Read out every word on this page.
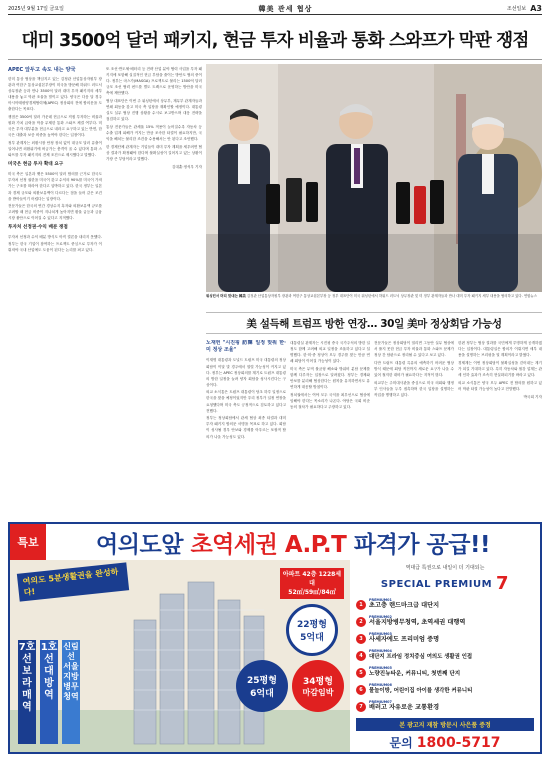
2025년 9월 17일 금요일	韓美 관세 협상	조선일보 A3
대미 3500억 달러 패키지, 현금 투자 비율과 통화 스와프가 막판 쟁점
APEC 앞두고 속도 내는 양국

한미 통상 협상을 책임지고 있는 김정관 산업통상자원부 장관과 여한구 통상교섭본부장이 미국을 방문해 하워드 러트닉 상무장관 등과 만나 3500억 달러 대미 투자 패키지의 세부 내용을 놓고 막판 조율을 벌이고 있다. 양국은 다음 달 경주 아시아태평양경제협력체(APEC) 정상회의 전에 합의문을 도출한다는 목표다.

쟁점은 3500억 달러 가운데 현금으로 직접 투자하는 비율과 원화 가치 급락을 막을 무제한 통화 스와프 체결 여부다. 미국은 투자 대부분을 현금으로 내라고 요구하고 있는 반면, 한국은 대출과 보증 비중을 높여야 한다는 입장이다.

정부 관계자는 외환시장 안정 장치 없이 대규모 달러 유출이 일어나면 외환위기에 버금가는 충격이 올 수 있다며 통화 스와프를 투자 패키지의 전제 조건으로 제시했다고 말했다.

미국은 현금 투자 확대 요구

미국 측은 일본과 맺은 5500억 달러 합의를 근거로 한국도 투자처 선정 권한을 미국이 갖고 수익의 90%를 미국이 가져가는 구조를 따라야 한다고 압박하고 있다. 한국 정부는 일본과 경제 규모와 외환보유액이 다르다는 점을 들어 같은 조건을 받아들이기 어렵다는 입장이다.

전문가들은 한국의 연간 경상수지 흑자와 외환보유액 규모를 고려할 때 현금 비중이 지나치게 높아지면 환율 급등과 금융시장 불안으로 이어질 수 있다고 지적했다.

투자처 선정권·수익 배분 쟁점

투자처 선정과 수익 배분 방식도 아직 결론을 내리지 못했다. 정부는 한국 기업이 참여하는 프로젝트 중심으로 투자가 이뤄져야 국내 산업에도 도움이 된다는 논리를 펴고 있다.

또 조선·반도체·배터리 등 전략 산업 분야 협력 사업을 투자 패키지에 포함해 실질적인 현금 부담을 줄이는 방안도 협의 중이다. 정부는 마스가(MASGA) 프로젝트로 불리는 1500억 달러 규모 조선 협력 펀드를 별도 트랙으로 운영하는 방안을 미국 측에 제안했다.

협상 대표단은 이번 주 워싱턴에서 상무부, 재무부 관계자들과 연쇄 회동을 갖고 미국 측 입장을 재확인할 예정이다. 대통령실도 실무 협상 진행 상황을 수시로 보고받으며 대응 전략을 점검하고 있다.

통상 전문가들은 관세율 15% 적용이 늦어질수록 자동차 등 수출 업계 피해가 커지는 만큼 조속한 타결이 필요하지만, 국익을 해치는 불리한 조건을 수용해서는 안 된다고 조언했다.

한 경제단체 관계자는 기업들이 대미 투자 계획을 세우려면 협상 결과가 확정돼야 한다며 불확실성이 길어지고 있는 상황이 가장 큰 부담이라고 말했다.

김대훈·정석우 기자
워싱턴서 머리 맞대는 韓美 김정관 산업통상자원부 장관과 여한구 통상교섭본부장 등 정부 대표단이 미국 워싱턴에서 하워드 러트닉 상무장관 및 미 정부 관계자들과 만나 대미 투자 패키지 세부 내용을 협의하고 있다. 연합뉴스
美 설득해 트럼프 방한 연장… 30일 美마 정상회담 가능성
노재헌 "시진핑 訪韓 일정 맞춰 한·미 정상 조율"

이재명 대통령과 도널드 트럼프 미국 대통령의 정상회담이 이달 말 경주에서 열릴 가능성이 커지고 있다. 정부는 APEC 정상회의를 계기로 트럼프 대통령의 방한 일정을 늘려 양자 회담을 성사시킨다는 구상이다.

외교 소식통은 트럼프 대통령이 당초 하루 일정으로 한국을 찾을 예정이었지만 우리 정부가 일정 연장을 요청했다며 미국 측도 긍정적으로 검토하고 있다고 전했다.

정부는 정상회담에서 관세 협상 최종 타결과 대미 투자 패키지 합의문 서명을 목표로 하고 있다. 회담이 성사될 경우 안보와 경제를 아우르는 포괄적 합의가 나올 가능성도 있다.

대통령실 관계자는 시진핑 중국 국가주석의 방한 일정도 함께 고려해 외교 일정을 조율하고 있다고 설명했다. 한·미·중 정상이 모두 경주를 찾는 만큼 연쇄 회담이 이어질 가능성이 있다.

미국 측은 무역 불균형 해소와 방위비 분담 문제를 함께 다루자는 입장으로 알려졌다. 정부는 경제와 안보를 분리해 협상한다는 원칙을 유지하면서도 유연하게 대응할 방침이다.

정치권에서는 여야 모두 국익을 최우선으로 협상에 임해야 한다는 목소리가 나온다. 야당은 국회 비준 동의 절차가 필요하다고 주장하고 있다.

전문가들은 정상회담이 열리면 그동안 실무 협상에서 풀지 못한 현금 투자 비율과 통화 스와프 문제가 정상 간 담판으로 정리될 수 있다고 보고 있다.

다만 트럼프 대통령 특유의 예측하기 어려운 협상 방식 때문에 회담 직전까지 새로운 요구가 나올 수 있어 철저한 대비가 필요하다는 지적이 많다.

외교부는 주미대사관을 중심으로 미국 의회와 행정부 인사들을 두루 접촉하며 한국 입장을 설명하는 작업을 병행하고 있다.

한편 정부는 협상 결과를 국민에게 투명하게 공개하겠다는 입장이다. 대통령실은 합의가 이뤄지면 세부 내용을 설명하는 브리핑을 열 계획이라고 밝혔다.

경제계는 이번 정상회담이 불확실성을 걷어내는 계기가 되길 기대하고 있다. 특히 자동차와 철강 업계는 관세 인하 효과가 조속히 현실화되기를 바라고 있다.

외교 소식통은 양국 모두 APEC 전 합의를 원하고 있어 막판 타결 가능성이 높다고 전망했다.

박국희 기자
특보	여의도앞 초역세권 A.P.T 파격가 공급!!
여의도 5분생활권을 완성하다!
7호선 보라매역
1호선 대방역
신림선 서울지방병무청역
아파트 42층 1228세대
52㎡/59㎡/84㎡
22평형
5억대
25평형
6억대
34평형
마감임박
역대급 특권으로 내일이 더 기대되는
SPECIAL PREMIUM 7
1
PREMIUM01
초고층 랜드마크급 대단지
2
PREMIUM02
서울지방병무청역, 초역세권 대행역
3
PREMIUM03
사세자에도 프리미엄 증명
4
PREMIUM04
대단지 프라임 정치중심 여의도 생활권 인접
5
PREMIUM05
노량진뉴타운, 커뮤니티, 첫번째 단지
6
PREMIUM06
물놀이방, 어린이집 아이를 생각한 커뮤니티
7
PREMIUM07
배러고 자유로운 교통환경
본 광고지 재참 방문시 사은품 증정
문의 1800-5717
